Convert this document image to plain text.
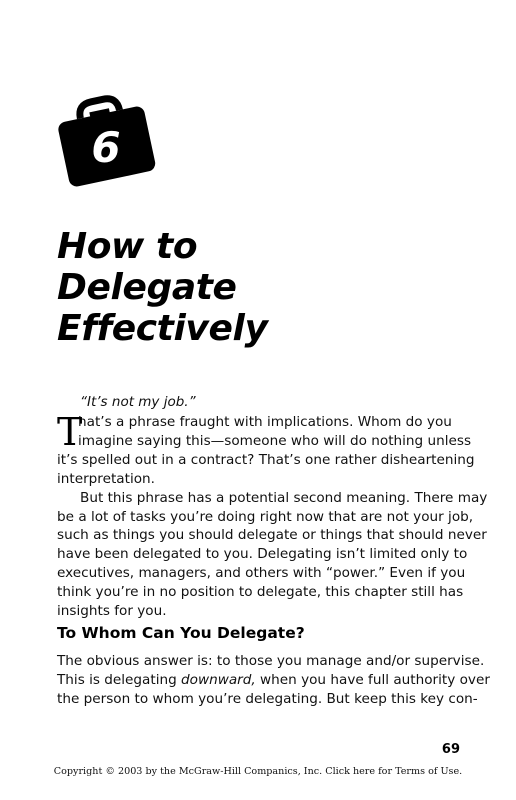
6
How to
Delegate
Effectively

“It’s not my job.”

T
hat’s a phrase fraught with implications. Whom do you
imagine saying this—someone who will do nothing unless
it’s spelled out in a contract? That’s one rather disheartening
interpretation.
But this phrase has a potential second meaning. There may
be a lot of tasks you’re doing right now that are not your job,
such as things you should delegate or things that should never
have been delegated to you. Delegating isn’t limited only to
executives, managers, and others with “power.” Even if you
think you’re in no position to delegate, this chapter still has
insights for you.
To Whom Can You Delegate?
The obvious answer is: to those you manage and/or supervise.
This is delegating downward, when you have full authority over
the person to whom you’re delegating. But keep this key con-
69
Copyright © 2003 by the McGraw-Hill Companics, Inc. Click here for Terms of Use.
